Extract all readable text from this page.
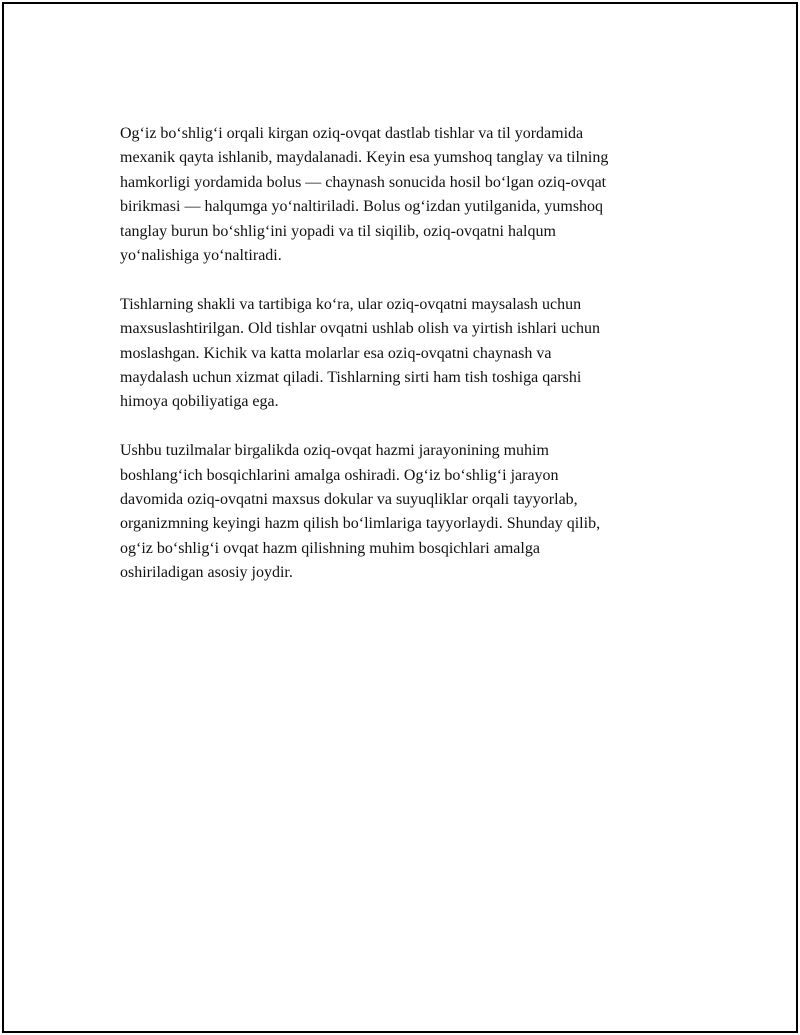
Og‘iz bo‘shlig‘i orqali kirgan oziq-ovqat dastlab tishlar va til yordamida
mexanik qayta ishlanib, maydalanadi. Keyin esa yumshoq tanglay va tilning
hamkorligi yordamida bolus — chaynash sonucida hosil bo‘lgan oziq-ovqat
birikmasi — halqumga yo‘naltiriladi. Bolus og‘izdan yutilganida, yumshoq
tanglay burun bo‘shlig‘ini yopadi va til siqilib, oziq-ovqatni halqum
yo‘nalishiga yo‘naltiradi.

Tishlarning shakli va tartibiga ko‘ra, ular oziq-ovqatni maysalash uchun
maxsuslashtirilgan. Old tishlar ovqatni ushlab olish va yirtish ishlari uchun
moslashgan. Kichik va katta molarlar esa oziq-ovqatni chaynash va
maydalash uchun xizmat qiladi. Tishlarning sirti ham tish toshiga qarshi
himoya qobiliyatiga ega.

Ushbu tuzilmalar birgalikda oziq-ovqat hazmi jarayonining muhim
boshlang‘ich bosqichlarini amalga oshiradi. Og‘iz bo‘shlig‘i jarayon
davomida oziq-ovqatni maxsus dokular va suyuqliklar orqali tayyorlab,
organizmning keyingi hazm qilish bo‘limlariga tayyorlaydi. Shunday qilib,
og‘iz bo‘shlig‘i ovqat hazm qilishning muhim bosqichlari amalga
oshiriladigan asosiy joydir.
